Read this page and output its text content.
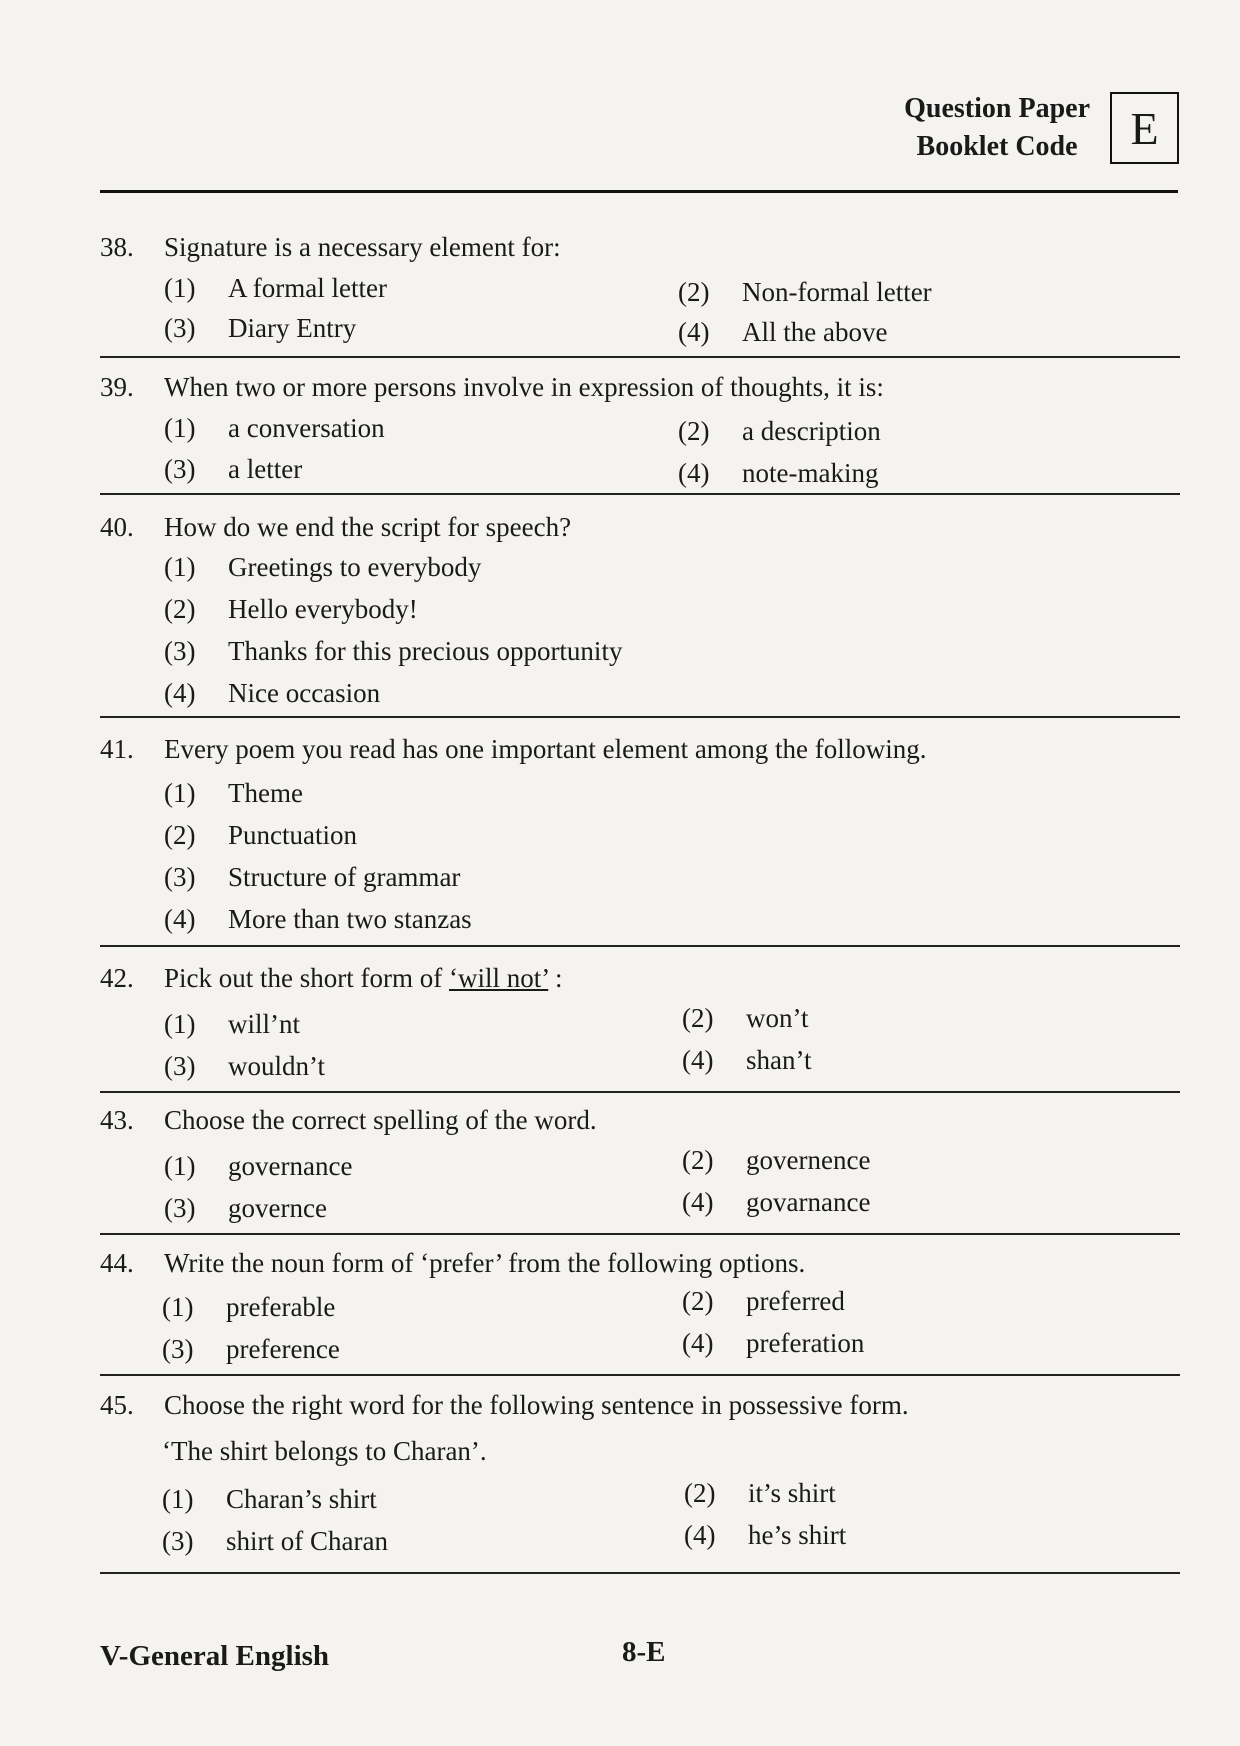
Question Paper
Booklet Code	E
38.	Signature is a necessary element for:
(1) A formal letter	(2) Non-formal letter
(3) Diary Entry	(4) All the above
39.	When two or more persons involve in expression of thoughts, it is:
(1) a conversation	(2) a description
(3) a letter	(4) note-making
40.	How do we end the script for speech?
(1) Greetings to everybody
(2) Hello everybody!
(3) Thanks for this precious opportunity
(4) Nice occasion
41.	Every poem you read has one important element among the following.
(1) Theme
(2) Punctuation
(3) Structure of grammar
(4) More than two stanzas
42.	Pick out the short form of ‘will not’ :
(1) will’nt	(2) won’t
(3) wouldn’t	(4) shan’t
43.	Choose the correct spelling of the word.
(1) governance	(2) governence
(3) governce	(4) govarnance
44.	Write the noun form of ‘prefer’ from the following options.
(1) preferable	(2) preferred
(3) preference	(4) preferation
45.	Choose the right word for the following sentence in possessive form.
‘The shirt belongs to Charan’.
(1) Charan’s shirt	(2) it’s shirt
(3) shirt of Charan	(4) he’s shirt
V-General English	8-E
